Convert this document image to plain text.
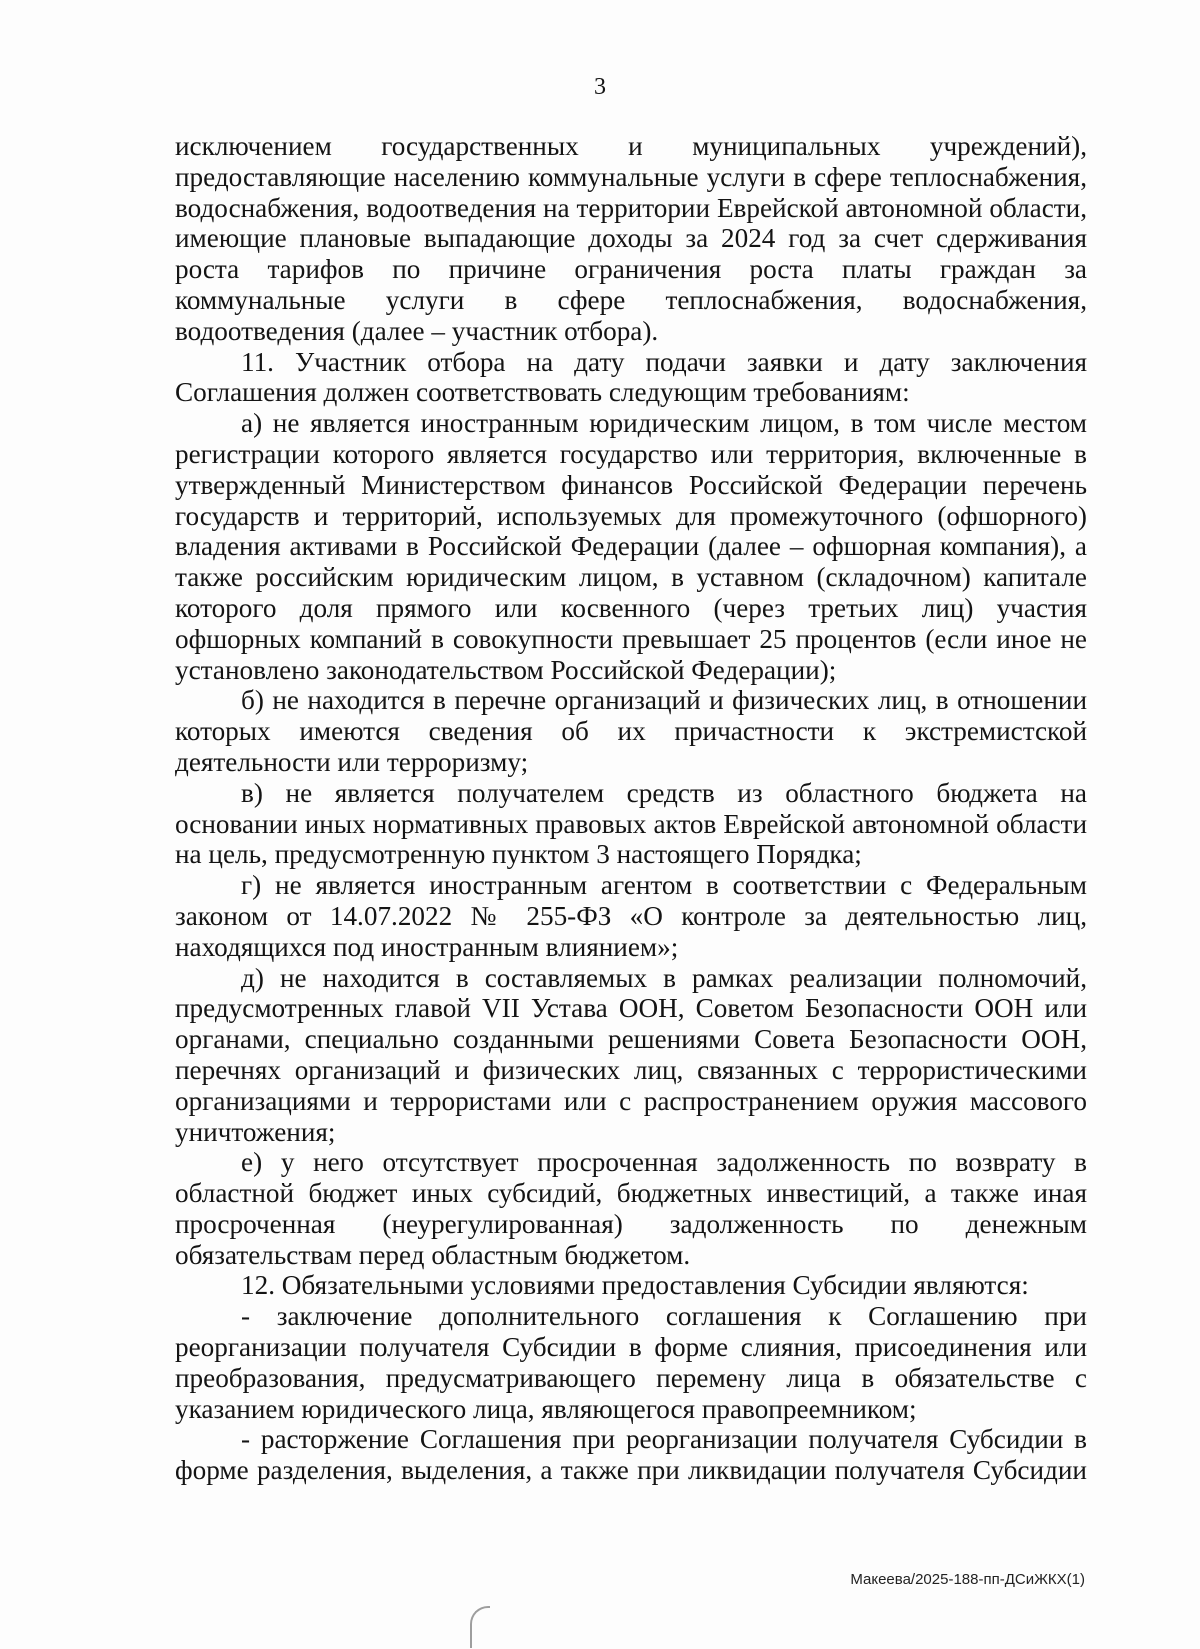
3

исключением государственных и муниципальных учреждений), предоставляющие населению коммунальные услуги в сфере теплоснабжения, водоснабжения, водоотведения на территории Еврейской автономной области, имеющие плановые выпадающие доходы за 2024 год за счет сдерживания роста тарифов по причине ограничения роста платы граждан за коммунальные услуги в сфере теплоснабжения, водоснабжения, водоотведения (далее – участник отбора).

11. Участник отбора на дату подачи заявки и дату заключения Соглашения должен соответствовать следующим требованиям:

а) не является иностранным юридическим лицом, в том числе местом регистрации которого является государство или территория, включенные в утвержденный Министерством финансов Российской Федерации перечень государств и территорий, используемых для промежуточного (офшорного) владения активами в Российской Федерации (далее – офшорная компания), а также российским юридическим лицом, в уставном (складочном) капитале которого доля прямого или косвенного (через третьих лиц) участия офшорных компаний в совокупности превышает 25 процентов (если иное не установлено законодательством Российской Федерации);

б) не находится в перечне организаций и физических лиц, в отношении которых имеются сведения об их причастности к экстремистской деятельности или терроризму;

в) не является получателем средств из областного бюджета на основании иных нормативных правовых актов Еврейской автономной области на цель, предусмотренную пунктом 3 настоящего Порядка;

г) не является иностранным агентом в соответствии с Федеральным законом от 14.07.2022 № 255-ФЗ «О контроле за деятельностью лиц, находящихся под иностранным влиянием»;

д) не находится в составляемых в рамках реализации полномочий, предусмотренных главой VII Устава ООН, Советом Безопасности ООН или органами, специально созданными решениями Совета Безопасности ООН, перечнях организаций и физических лиц, связанных с террористическими организациями и террористами или с распространением оружия массового уничтожения;

е) у него отсутствует просроченная задолженность по возврату в областной бюджет иных субсидий, бюджетных инвестиций, а также иная просроченная (неурегулированная) задолженность по денежным обязательствам перед областным бюджетом.

12. Обязательными условиями предоставления Субсидии являются:

- заключение дополнительного соглашения к Соглашению при реорганизации получателя Субсидии в форме слияния, присоединения или преобразования, предусматривающего перемену лица в обязательстве с указанием юридического лица, являющегося правопреемником;

- расторжение Соглашения при реорганизации получателя Субсидии в форме разделения, выделения, а также при ликвидации получателя Субсидии

Макеева/2025-188-пп-ДСиЖКХ(1)
